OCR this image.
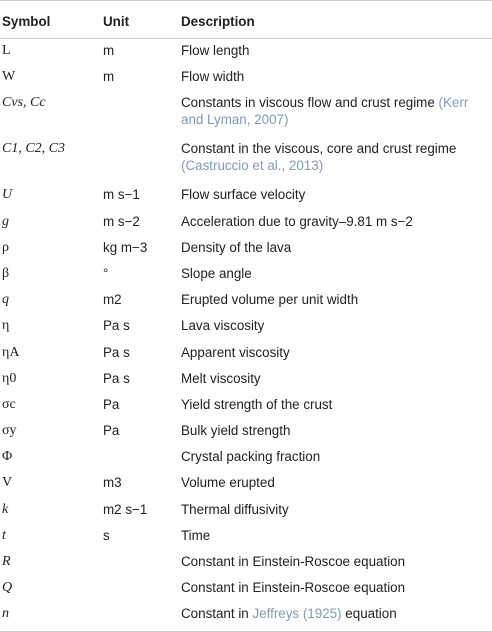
Symbol	Unit	Description
L	m	Flow length
W	m	Flow width
Cvs, Cc		Constants in viscous flow and crust regime (Kerr and Lyman, 2007)
C1, C2, C3		Constant in the viscous, core and crust regime (Castruccio et al., 2013)
U	m s−1	Flow surface velocity
g	m s−2	Acceleration due to gravity–9.81 m s−2
ρ	kg m−3	Density of the lava
β	°	Slope angle
q	m2	Erupted volume per unit width
η	Pa s	Lava viscosity
ηA	Pa s	Apparent viscosity
η0	Pa s	Melt viscosity
σc	Pa	Yield strength of the crust
σy	Pa	Bulk yield strength
Φ		Crystal packing fraction
V	m3	Volume erupted
k	m2 s−1	Thermal diffusivity
t	s	Time
R		Constant in Einstein-Roscoe equation
Q		Constant in Einstein-Roscoe equation
n		Constant in Jeffreys (1925) equation
